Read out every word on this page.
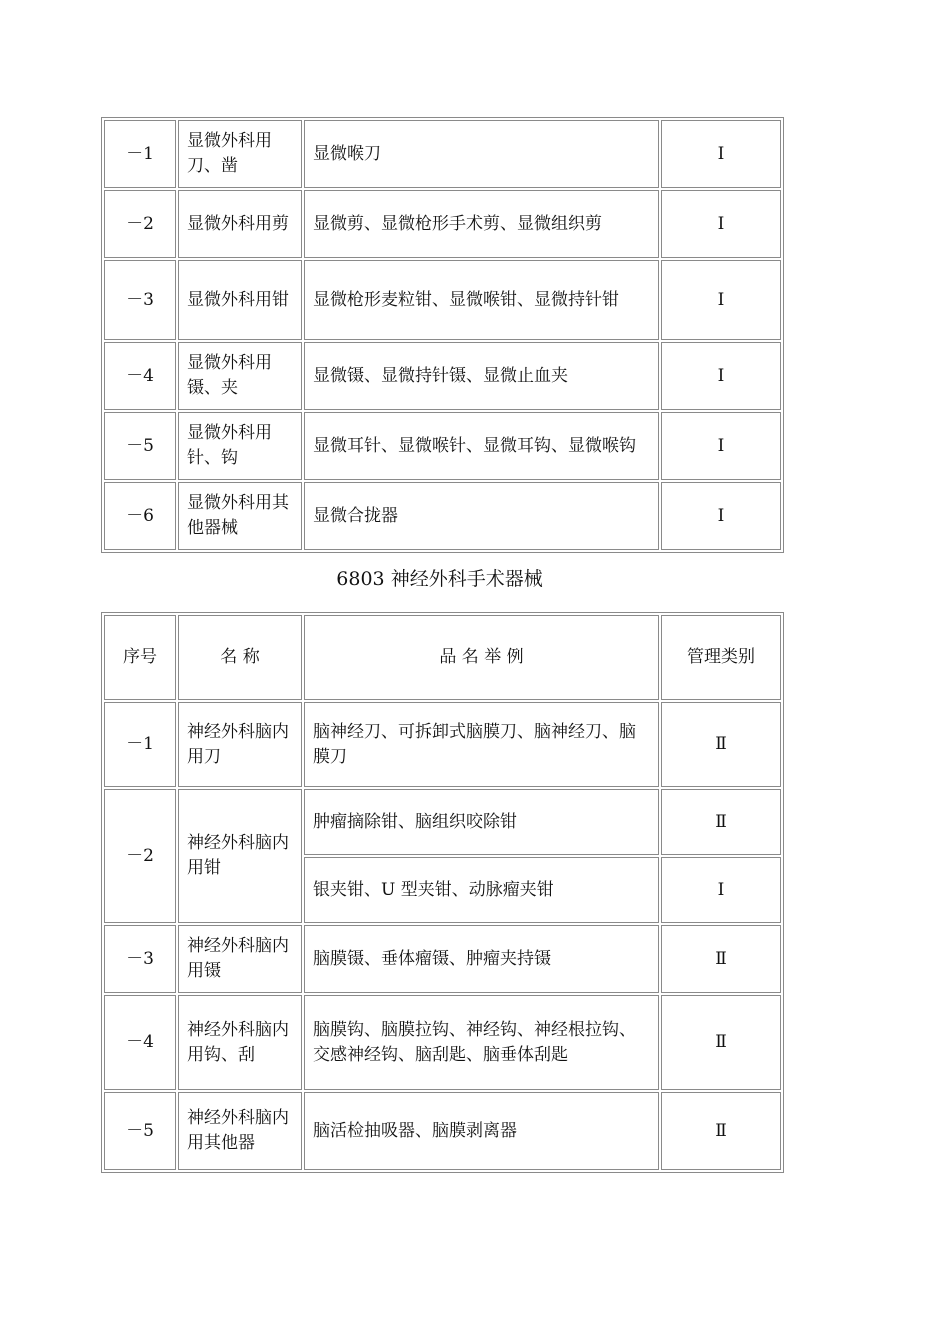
－1	显微外科用刀、凿	显微喉刀	Ⅰ
－2	显微外科用剪	显微剪、显微枪形手术剪、显微组织剪	Ⅰ
－3	显微外科用钳	显微枪形麦粒钳、显微喉钳、显微持针钳	Ⅰ
－4	显微外科用镊、夹	显微镊、显微持针镊、显微止血夹	Ⅰ
－5	显微外科用针、钩	显微耳针、显微喉针、显微耳钩、显微喉钩	Ⅰ
－6	显微外科用其他器械	显微合拢器	Ⅰ
6803 神经外科手术器械
序号	名 称	品 名 举 例	管理类别
－1	神经外科脑内用刀	脑神经刀、可拆卸式脑膜刀、脑神经刀、脑膜刀	Ⅱ
－2	神经外科脑内用钳	肿瘤摘除钳、脑组织咬除钳	Ⅱ
		银夹钳、U 型夹钳、动脉瘤夹钳	Ⅰ
－3	神经外科脑内用镊	脑膜镊、垂体瘤镊、肿瘤夹持镊	Ⅱ
－4	神经外科脑内用钩、刮	脑膜钩、脑膜拉钩、神经钩、神经根拉钩、交感神经钩、脑刮匙、脑垂体刮匙	Ⅱ
－5	神经外科脑内用其他器	脑活检抽吸器、脑膜剥离器	Ⅱ
